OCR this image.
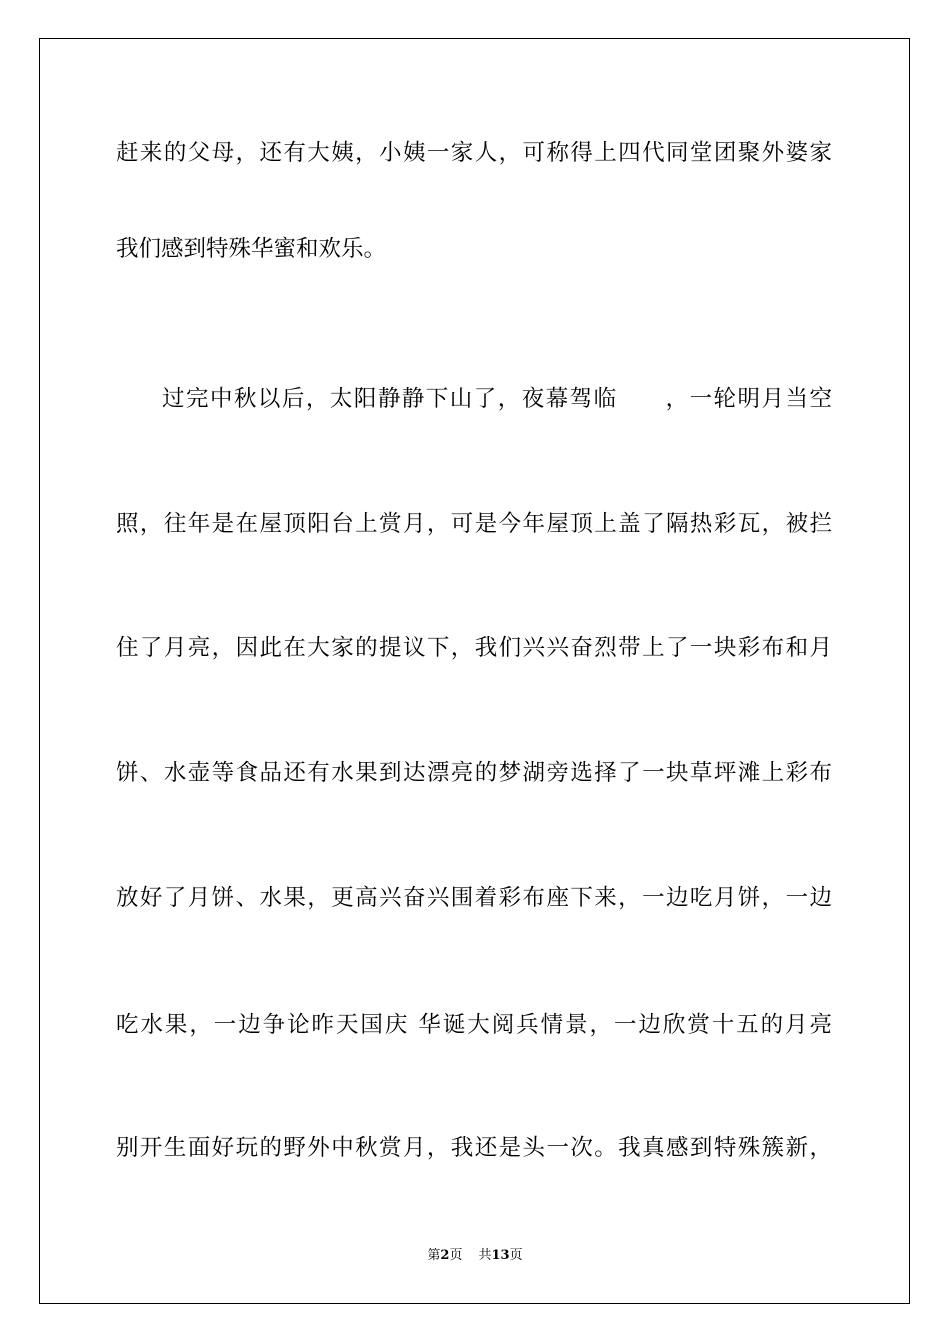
赶来的父母，还有大姨，小姨一家人，可称得上四代同堂团聚外婆家
我们感到特殊华蜜和欢乐。
过完中秋以后，太阳静静下山了，夜幕驾临　　，一轮明月当空
照，往年是在屋顶阳台上赏月，可是今年屋顶上盖了隔热彩瓦，被拦
住了月亮，因此在大家的提议下，我们兴兴奋烈带上了一块彩布和月
饼、水壶等食品还有水果到达漂亮的梦湖旁选择了一块草坪滩上彩布
放好了月饼、水果，更高兴奋兴围着彩布座下来，一边吃月饼，一边
吃水果，一边争论昨天国庆 华诞大阅兵情景，一边欣赏十五的月亮
别开生面好玩的野外中秋赏月，我还是头一次。我真感到特殊簇新，
第2页 共13页
